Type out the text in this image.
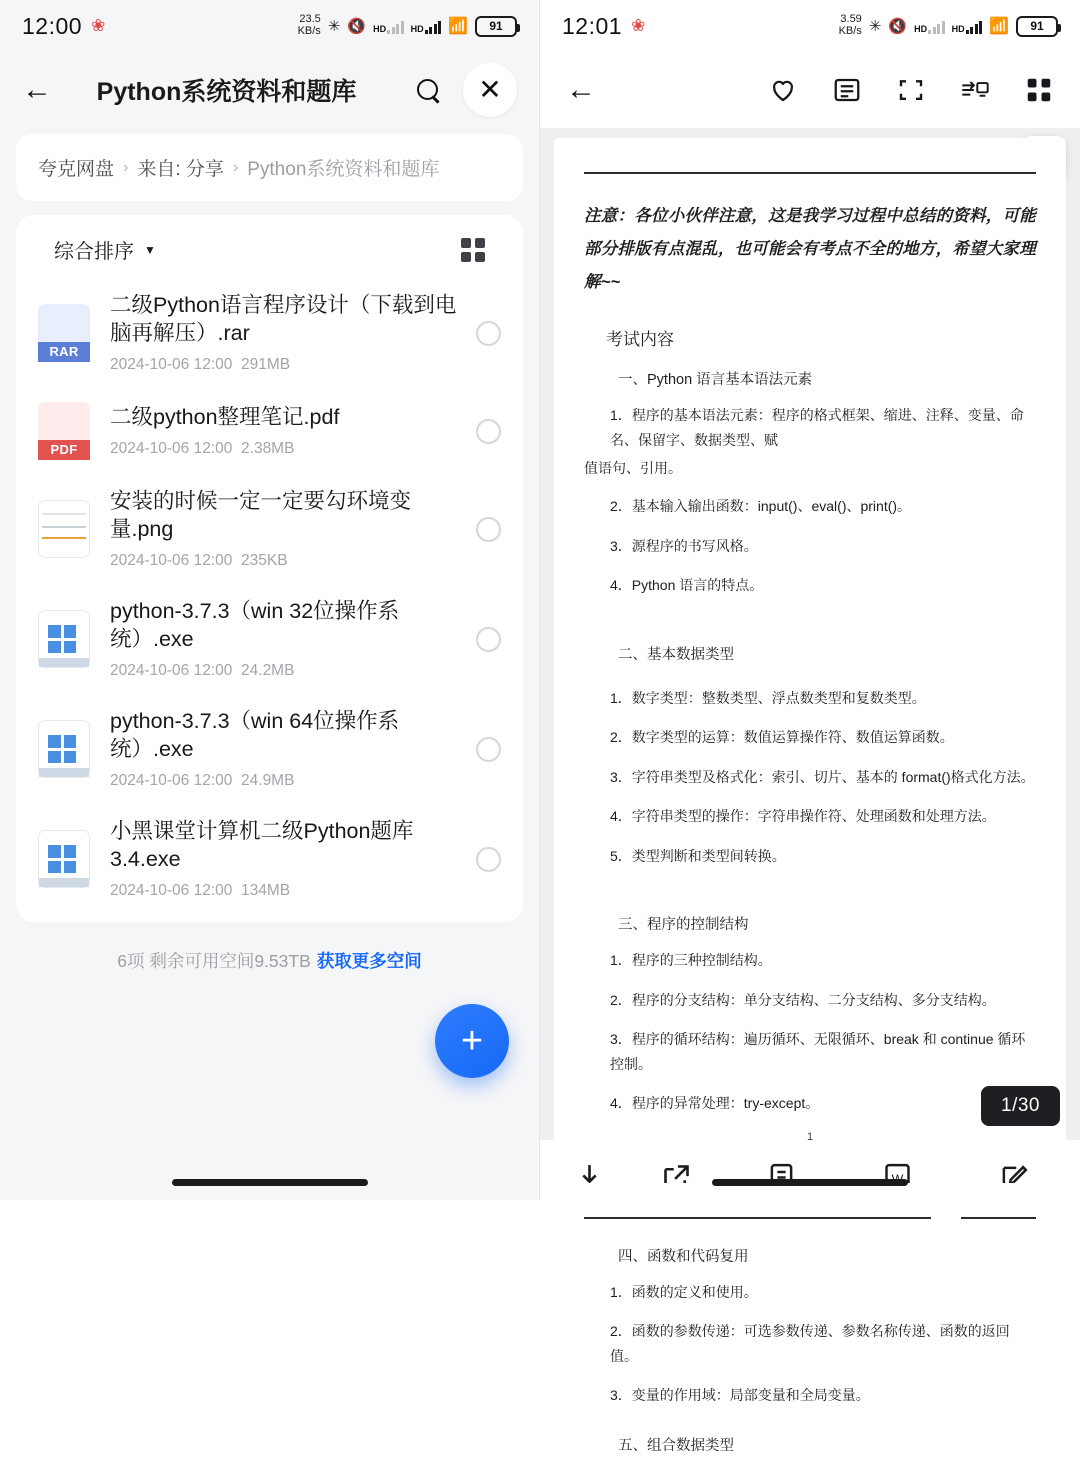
12:00 ❀	23.5
KB/s ✳ 🔇 HD	HD 📶	91
←	Python系统资料和题库	✕
夸克网盘 › 来自: 分享 › Python系统资料和题库
综合排序 ▼
RAR
二级Python语言程序设计（下载到电脑再解压）.rar
2024-10-06 12:00 291MB
PDF
二级python整理笔记.pdf
2024-10-06 12:00 2.38MB
安装的时候一定一定要勾环境变量.png
2024-10-06 12:00 235KB
python-3.7.3（win 32位操作系统）.exe
2024-10-06 12:00 24.2MB
python-3.7.3（win 64位操作系统）.exe
2024-10-06 12:00 24.9MB
小黑课堂计算机二级Python题库3.4.exe
2024-10-06 12:00 134MB
6项 剩余可用空间9.53TB 获取更多空间
+
12:01 ❀	3.59
KB/s ✳ 🔇 HD	HD 📶	91
←
注意：各位小伙伴注意，这是我学习过程中总结的资料，可能部分排版有点混乱，也可能会有考点不全的地方，希望大家理解~~
考试内容
一、Python 语言基本语法元素
1．程序的基本语法元素：程序的格式框架、缩进、注释、变量、命名、保留字、数据类型、赋
值语句、引用。
2．基本输入输出函数：input()、eval()、print()。
3．源程序的书写风格。
4．Python 语言的特点。
二、基本数据类型
1．数字类型：整数类型、浮点数类型和复数类型。
2．数字类型的运算：数值运算操作符、数值运算函数。
3．字符串类型及格式化：索引、切片、基本的 format()格式化方法。
4．字符串类型的操作：字符串操作符、处理函数和处理方法。
5．类型判断和类型间转换。
三、程序的控制结构
1．程序的三种控制结构。
2．程序的分支结构：单分支结构、二分支结构、多分支结构。
3．程序的循环结构：遍历循环、无限循环、break 和 continue 循环控制。
4．程序的异常处理：try-except。
1
四、函数和代码复用
1．函数的定义和使用。
2．函数的参数传递：可选参数传递、参数名称传递、函数的返回值。
3．变量的作用域：局部变量和全局变量。
五、组合数据类型
1/30
